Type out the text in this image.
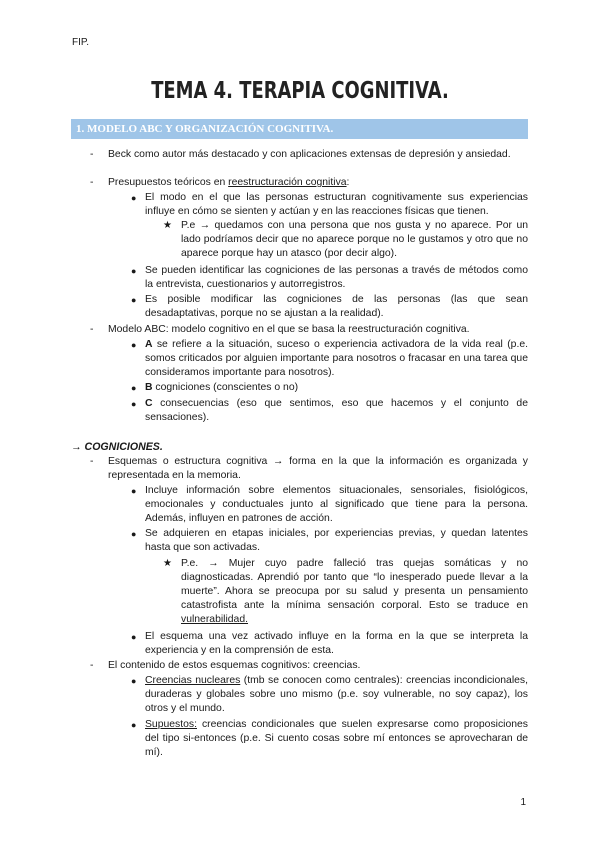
FIP.
TEMA 4. TERAPIA COGNITIVA.
1. MODELO ABC Y ORGANIZACIÓN COGNITIVA.
- Beck como autor más destacado y con aplicaciones extensas de depresión y ansiedad.

- Presupuestos teóricos en reestructuración cognitiva:

● El modo en el que las personas estructuran cognitivamente sus experiencias influye en cómo se sienten y actúan y en las reacciones físicas que tienen.

★ P.e → quedamos con una persona que nos gusta y no aparece. Por un lado podríamos decir que no aparece porque no le gustamos y otro que no aparece porque hay un atasco (por decir algo).

● Se pueden identificar las cogniciones de las personas a través de métodos como la entrevista, cuestionarios y autorregistros.

● Es posible modificar las cogniciones de las personas (las que sean desadaptativas, porque no se ajustan a la realidad).

- Modelo ABC: modelo cognitivo en el que se basa la reestructuración cognitiva.

● A se refiere a la situación, suceso o experiencia activadora de la vida real (p.e. somos criticados por alguien importante para nosotros o fracasar en una tarea que consideramos importante para nosotros).

● B cogniciones (conscientes o no)

● C consecuencias (eso que sentimos, eso que hacemos y el conjunto de sensaciones).

→ COGNICIONES.
- Esquemas o estructura cognitiva → forma en la que la información es organizada y representada en la memoria.

● Incluye información sobre elementos situacionales, sensoriales, fisiológicos, emocionales y conductuales junto al significado que tiene para la persona. Además, influyen en patrones de acción.

● Se adquieren en etapas iniciales, por experiencias previas, y quedan latentes hasta que son activadas.

★ P.e. → Mujer cuyo padre falleció tras quejas somáticas y no diagnosticadas. Aprendió por tanto que “lo inesperado puede llevar a la muerte”. Ahora se preocupa por su salud y presenta un pensamiento catastrofista ante la mínima sensación corporal. Esto se traduce en vulnerabilidad.

● El esquema una vez activado influye en la forma en la que se interpreta la experiencia y en la comprensión de esta.

- El contenido de estos esquemas cognitivos: creencias.

● Creencias nucleares (tmb se conocen como centrales): creencias incondicionales, duraderas y globales sobre uno mismo (p.e. soy vulnerable, no soy capaz), los otros y el mundo.

● Supuestos: creencias condicionales que suelen expresarse como proposiciones del tipo si-entonces (p.e. Si cuento cosas sobre mí entonces se aprovecharan de mí).

1
